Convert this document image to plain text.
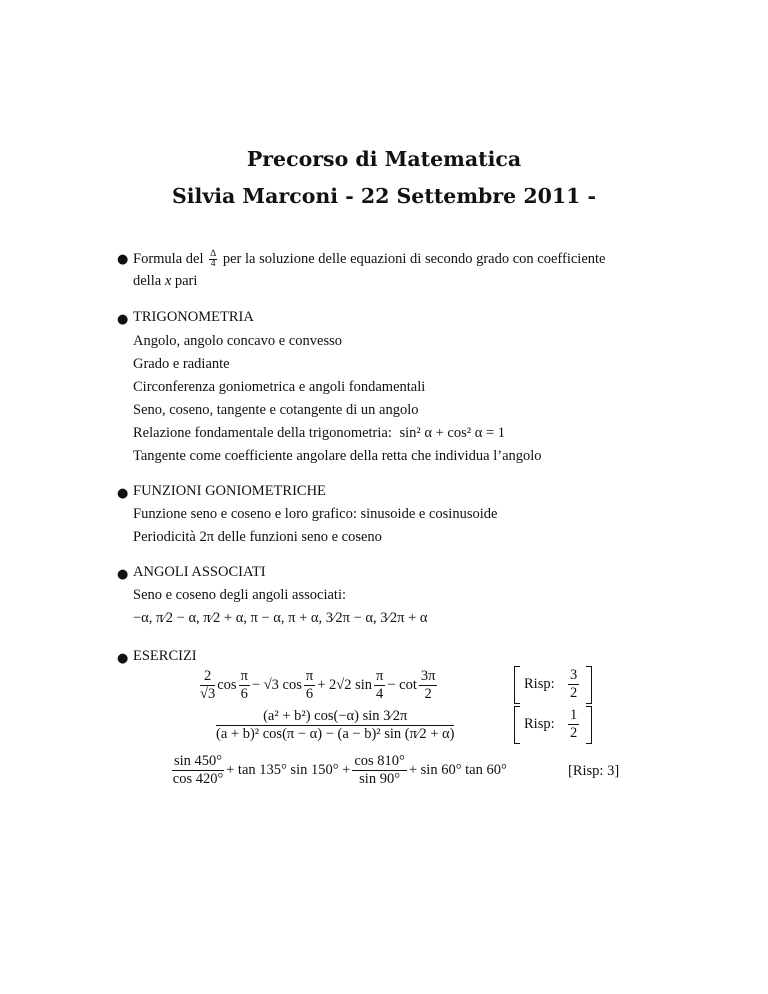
Precorso di Matematica
Silvia Marconi - 22 Settembre 2011 -
● Formula del $\frac{\Delta}{4}$ per la soluzione delle equazioni di secondo grado con coefficiente
della x pari
● TRIGONOMETRIA
Angolo, angolo concavo e convesso
Grado e radiante
Circonferenza goniometrica e angoli fondamentali
Seno, coseno, tangente e cotangente di un angolo
Relazione fondamentale della trigonometria: sin² α + cos² α = 1
Tangente come coefficiente angolare della retta che individua l’angolo
● FUNZIONI GONIOMETRICHE
Funzione seno e coseno e loro grafico: sinusoide e cosinusoide
Periodicità 2π delle funzioni seno e coseno
● ANGOLI ASSOCIATI
Seno e coseno degli angoli associati:
−α, π⁄2 − α, π⁄2 + α, π − α, π + α, 3⁄2π − α, 3⁄2π + α
● ESERCIZI
$\frac{2}{√3}$ $\cos \frac{\pi}{6} - √3$ $\cos \frac{\pi}{6} + 2√2$ $\sin \frac{\pi}{4} - \cot \frac{3\pi}{2}$	Risp: $\frac{3}{2}$
$\frac{\text{(a² + b²) cos(−α) sin 3⁄2π}}{\text{(a + b)² cos(π − α) − (a − b)² sin (π⁄2 + α)}}$	Risp: $\frac{1}{2}$
$\frac{\sin 450^\circ}{\cos 420^\circ} + \tan 135^\circ$ $\sin 150^\circ + \frac{\cos 810^\circ}{\sin 90^\circ} + \sin 60^\circ$ tan 60°	[Risp: 3]
